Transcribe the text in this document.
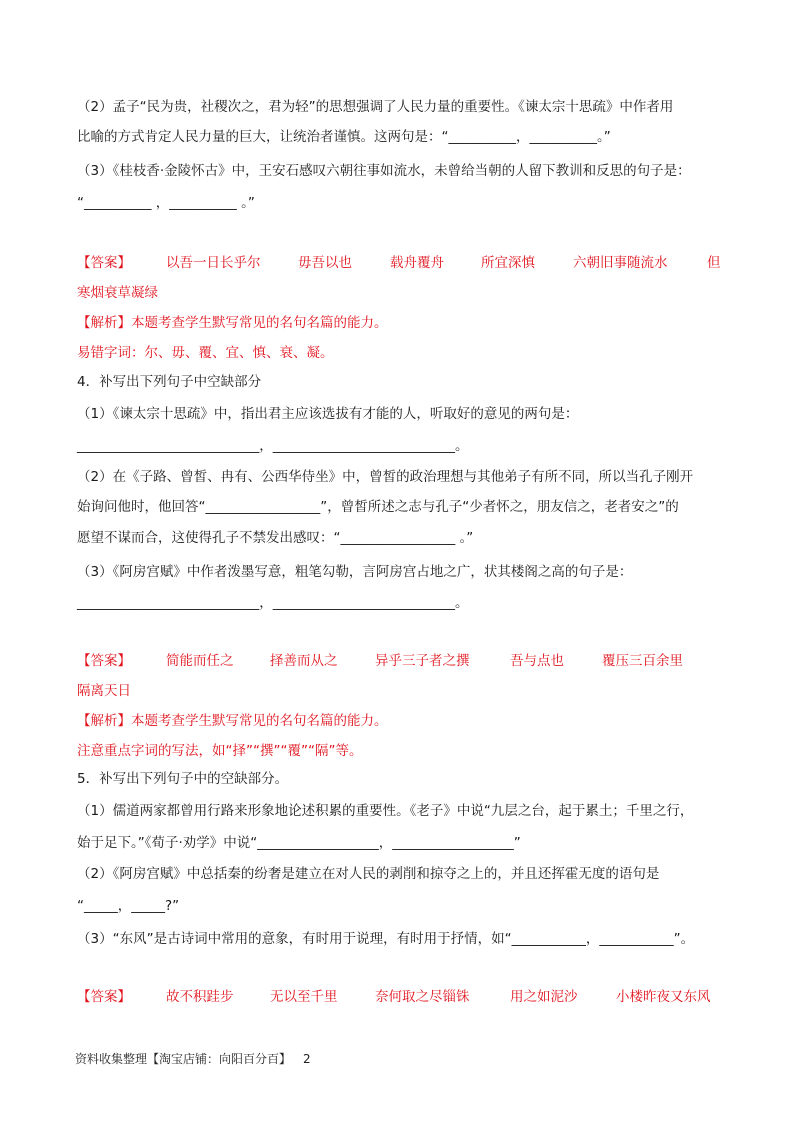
（2）孟子“民为贵，社稷次之，君为轻”的思想强调了人民力量的重要性。《谏太宗十思疏》中作者用
比喻的方式肯定人民力量的巨大，让统治者谨慎。这两句是：“__________，__________。”
（3）《桂枝香·金陵怀古》中，王安石感叹六朝往事如流水，未曾给当朝的人留下教训和反思的句子是：
“__________ ，__________ 。”
【答案】	以吾一日长乎尔	毋吾以也	载舟覆舟	所宜深慎	六朝旧事随流水	但
寒烟衰草凝绿
【解析】本题考查学生默写常见的名句名篇的能力。
易错字词：尔、毋、覆、宜、慎、衰、凝。
4．补写出下列句子中空缺部分
（1）《谏太宗十思疏》中，指出君主应该选拔有才能的人，听取好的意见的两句是：
___________________________，___________________________。
（2）在《子路、曾皙、冉有、公西华侍坐》中，曾皙的政治理想与其他弟子有所不同，所以当孔子刚开
始询问他时，他回答“_________________”，曾皙所述之志与孔子“少者怀之，朋友信之，老者安之”的
愿望不谋而合，这使得孔子不禁发出感叹：“_________________ 。”
（3）《阿房宫赋》中作者泼墨写意，粗笔勾勒，言阿房宫占地之广，状其楼阁之高的句子是：
___________________________，___________________________。
【答案】	简能而任之	择善而从之	异乎三子者之撰	吾与点也	覆压三百余里
隔离天日
【解析】本题考查学生默写常见的名句名篇的能力。
注意重点字词的写法，如“择”“撰”“覆”“隔”等。
5．补写出下列句子中的空缺部分。
（1）儒道两家都曾用行路来形象地论述积累的重要性。《老子》中说“九层之台，起于累土；千里之行，
始于足下。”《荀子·劝学》中说“__________________，__________________”
（2）《阿房宫赋》中总括秦的纷奢是建立在对人民的剥削和掠夺之上的，并且还挥霍无度的语句是
“_____，_____?”
（3）“东风”是古诗词中常用的意象，有时用于说理，有时用于抒情，如“___________，___________”。
【答案】	故不积跬步	无以至千里	奈何取之尽锱铢	用之如泥沙	小楼昨夜又东风
资料收集整理【淘宝店铺：向阳百分百】 2
